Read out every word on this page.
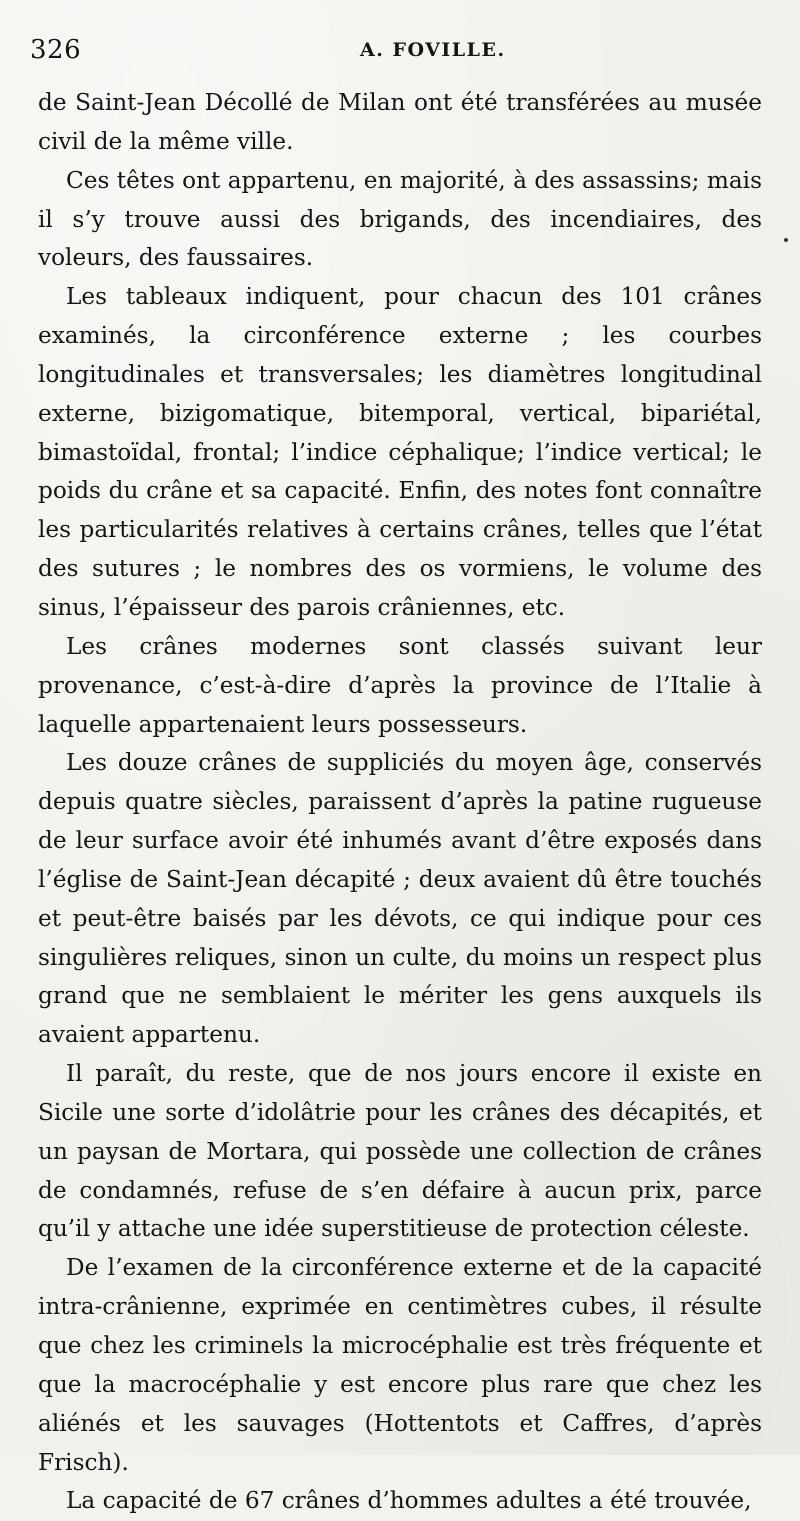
326	A. FOVILLE.

de Saint-Jean Décollé de Milan ont été transférées au musée civil de la même ville.

Ces têtes ont appartenu, en majorité, à des assassins; mais il s’y trouve aussi des brigands, des incendiaires, des voleurs, des faussaires.

Les tableaux indiquent, pour chacun des 101 crânes examinés, la circonférence externe ; les courbes longitudinales et transversales; les diamètres longitudinal externe, bizigomatique, bitemporal, vertical, bipariétal, bimastoïdal, frontal; l’indice céphalique; l’indice vertical; le poids du crâne et sa capacité. Enfin, des notes font connaître les particularités relatives à certains crânes, telles que l’état des sutures ; le nombres des os vormiens, le volume des sinus, l’épaisseur des parois crâniennes, etc.

Les crânes modernes sont classés suivant leur provenance, c’est-à-dire d’après la province de l’Italie à laquelle appartenaient leurs possesseurs.

Les douze crânes de suppliciés du moyen âge, conservés depuis quatre siècles, paraissent d’après la patine rugueuse de leur surface avoir été inhumés avant d’être exposés dans l’église de Saint-Jean décapité ; deux avaient dû être touchés et peut-être baisés par les dévots, ce qui indique pour ces singulières reliques, sinon un culte, du moins un respect plus grand que ne semblaient le mériter les gens auxquels ils avaient appartenu.

Il paraît, du reste, que de nos jours encore il existe en Sicile une sorte d’idolâtrie pour les crânes des décapités, et un paysan de Mortara, qui possède une collection de crânes de condamnés, refuse de s’en défaire à aucun prix, parce qu’il y attache une idée superstitieuse de protection céleste.

De l’examen de la circonférence externe et de la capacité intra-crânienne, exprimée en centimètres cubes, il résulte que chez les criminels la microcéphalie est très fréquente et que la macrocéphalie y est encore plus rare que chez les aliénés et les sauvages (Hottentots et Caffres, d’après Frisch).

La capacité de 67 crânes d’hommes adultes a été trouvée,
